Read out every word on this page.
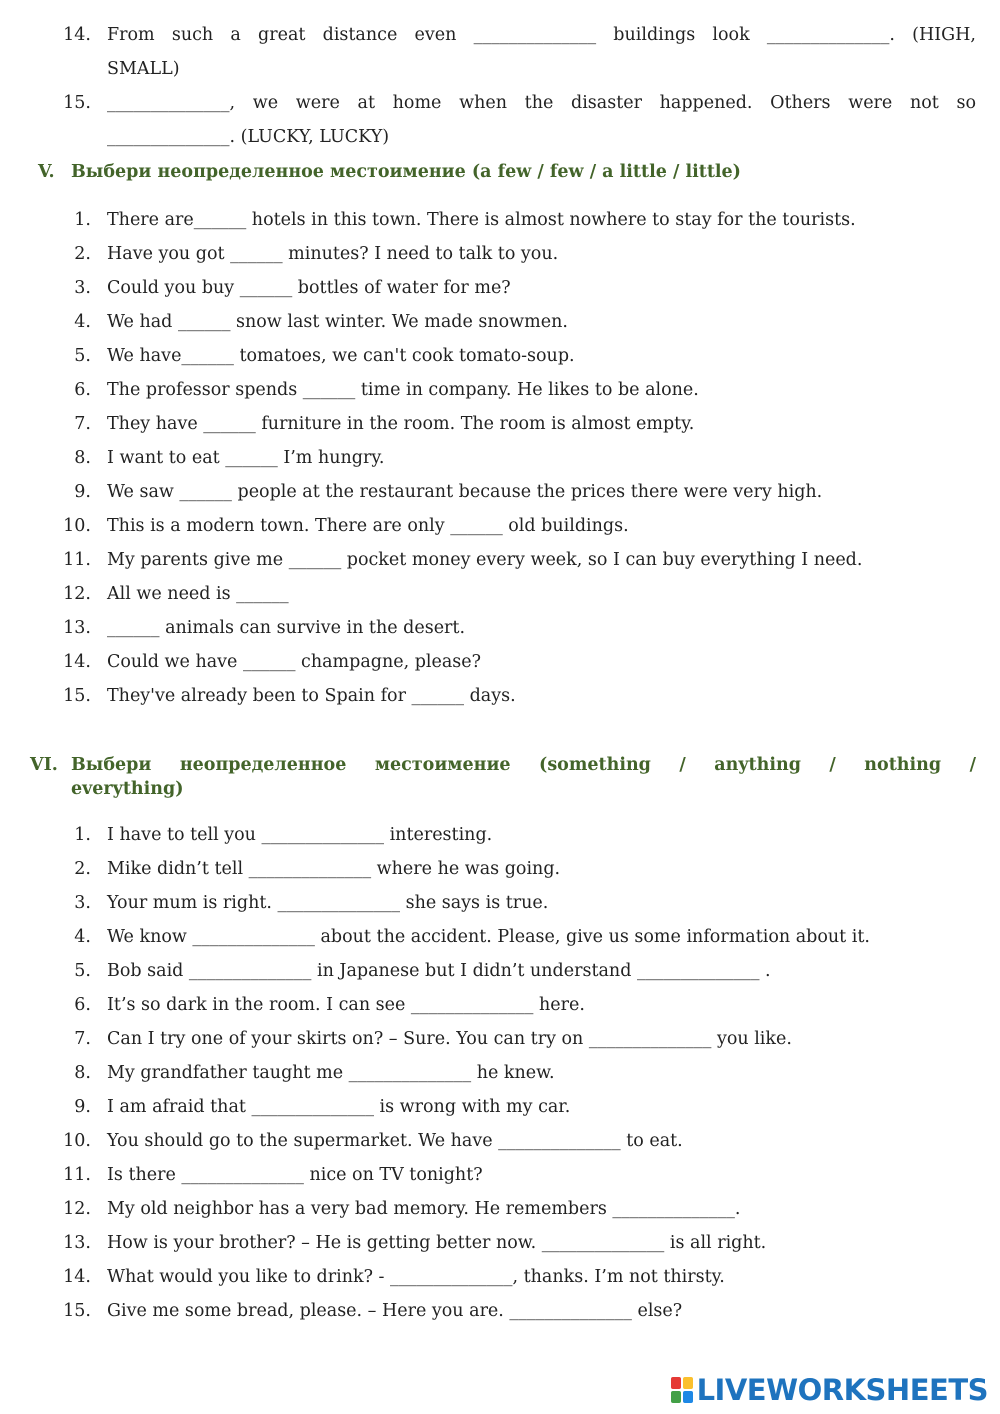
14. From such a great distance even ______________ buildings look ______________. (HIGH,
SMALL)
15. ______________, we were at home when the disaster happened. Others were not so
______________. (LUCKY, LUCKY)
V. Выбери неопределенное местоимение (a few / few / a little / little)
1. There are______ hotels in this town. There is almost nowhere to stay for the tourists.
2. Have you got ______ minutes? I need to talk to you.
3. Could you buy ______ bottles of water for me?
4. We had ______ snow last winter. We made snowmen.
5. We have______ tomatoes, we can't cook tomato-soup.
6. The professor spends ______ time in company. He likes to be alone.
7. They have ______ furniture in the room. The room is almost empty.
8. I want to eat ______ I’m hungry.
9. We saw ______ people at the restaurant because the prices there were very high.
10. This is a modern town. There are only ______ old buildings.
11. My parents give me ______ pocket money every week, so I can buy everything I need.
12. All we need is ______
13. ______ animals can survive in the desert.
14. Could we have ______ champagne, please?
15. They've already been to Spain for ______ days.
VI. Выбери неопределенное местоимение (something / anything / nothing /
everything)
1. I have to tell you ______________ interesting.
2. Mike didn’t tell ______________ where he was going.
3. Your mum is right. ______________ she says is true.
4. We know ______________ about the accident. Please, give us some information about it.
5. Bob said ______________ in Japanese but I didn’t understand ______________ .
6. It’s so dark in the room. I can see ______________ here.
7. Can I try one of your skirts on? – Sure. You can try on ______________ you like.
8. My grandfather taught me ______________ he knew.
9. I am afraid that ______________ is wrong with my car.
10. You should go to the supermarket. We have ______________ to eat.
11. Is there ______________ nice on TV tonight?
12. My old neighbor has a very bad memory. He remembers ______________.
13. How is your brother? – He is getting better now. ______________ is all right.
14. What would you like to drink? - ______________, thanks. I’m not thirsty.
15. Give me some bread, please. – Here you are. ______________ else?
LIVEWORKSHEETS
